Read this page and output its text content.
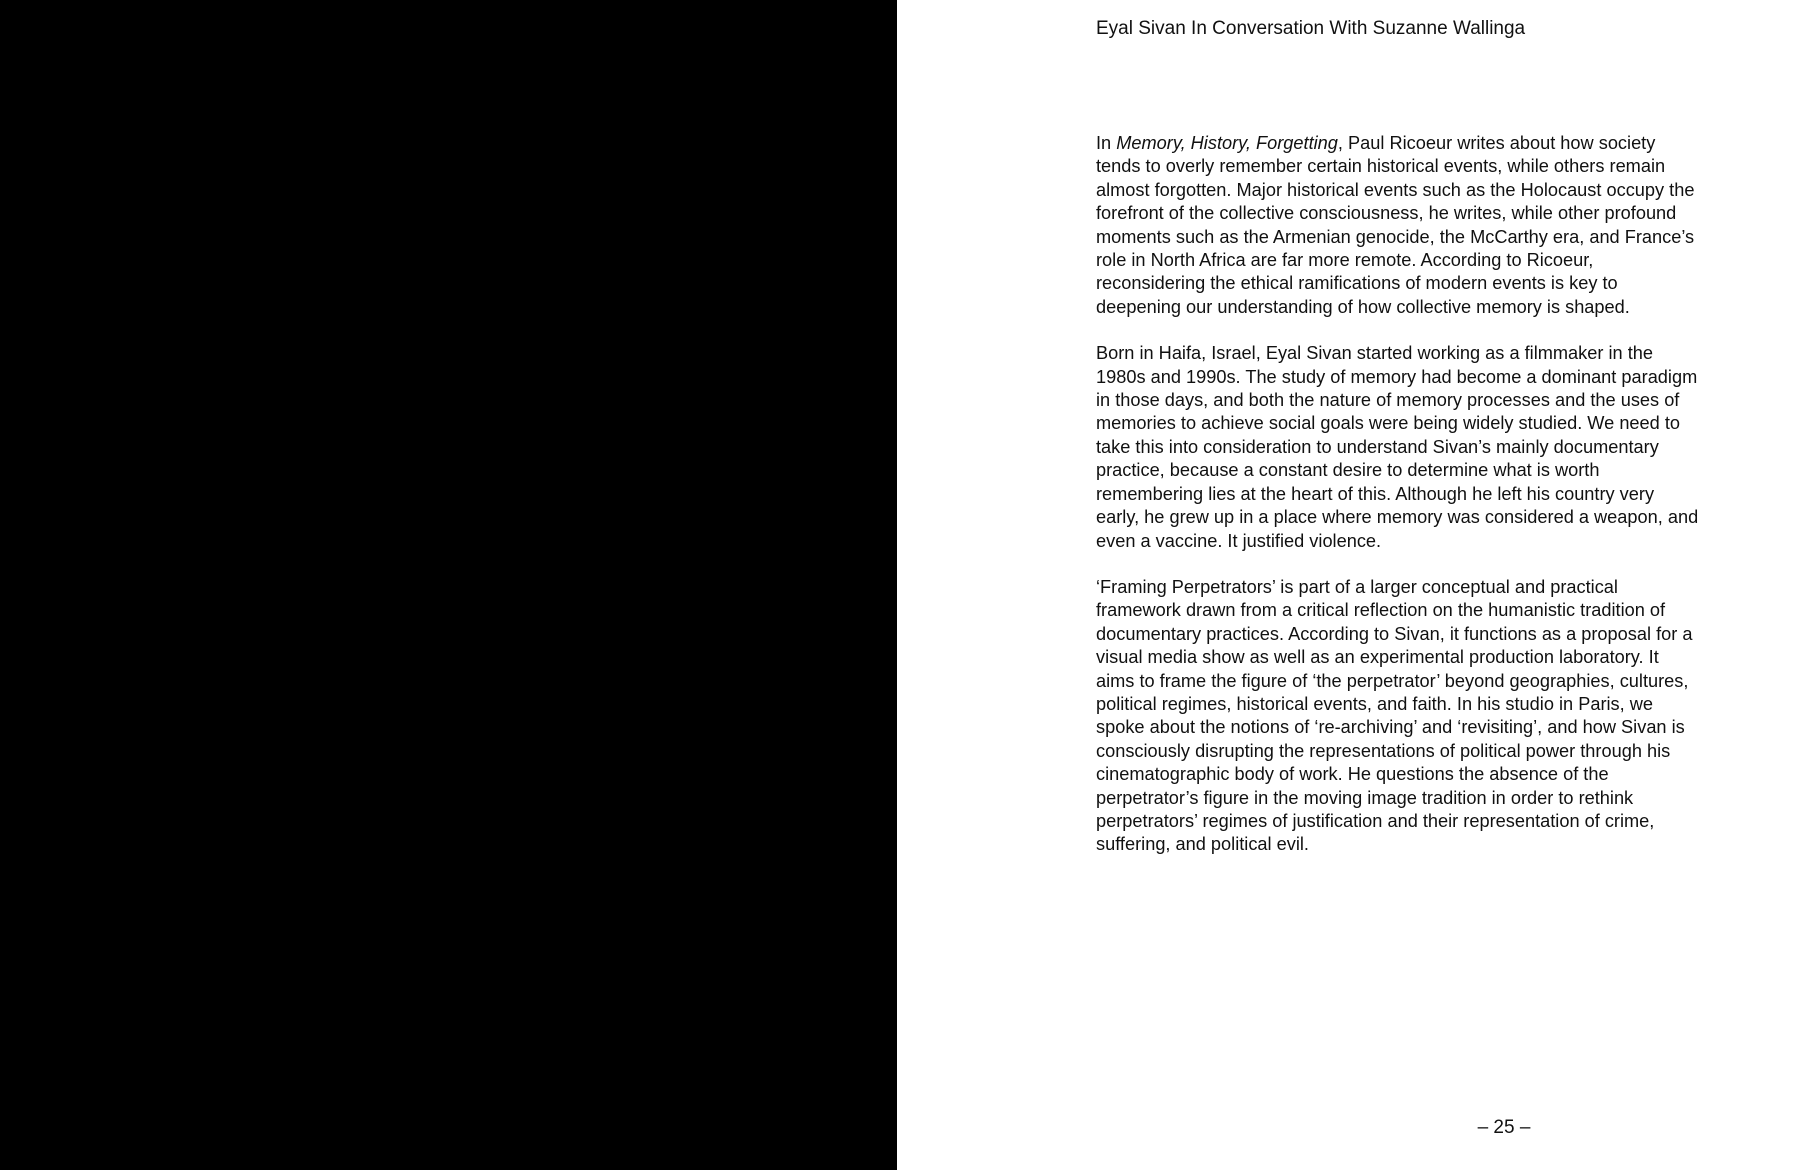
Eyal Sivan In Conversation With Suzanne Wallinga

In Memory, History, Forgetting, Paul Ricoeur writes about how society tends to overly remember certain historical events, while others remain almost forgotten. Major historical events such as the Holocaust occupy the forefront of the collective consciousness, he writes, while other profound moments such as the Armenian genocide, the McCarthy era, and France’s role in North Africa are far more remote. According to Ricoeur, reconsidering the ethical ramifications of modern events is key to deepening our understanding of how collective memory is shaped.

Born in Haifa, Israel, Eyal Sivan started working as a filmmaker in the 1980s and 1990s. The study of memory had become a dominant paradigm in those days, and both the nature of memory processes and the uses of memories to achieve social goals were being widely studied. We need to take this into consideration to understand Sivan’s mainly documentary practice, because a constant desire to determine what is worth remembering lies at the heart of this. Although he left his country very early, he grew up in a place where memory was considered a weapon, and even a vaccine. It justified violence.

‘Framing Perpetrators’ is part of a larger conceptual and practical framework drawn from a critical reflection on the humanistic tradition of documentary practices. According to Sivan, it functions as a proposal for a visual media show as well as an experimental production laboratory. It aims to frame the figure of ‘the perpetrator’ beyond geographies, cultures, political regimes, historical events, and faith. In his studio in Paris, we spoke about the notions of ‘re-archiving’ and ‘revisiting’, and how Sivan is consciously disrupting the representations of political power through his cinematographic body of work. He questions the absence of the perpetrator’s figure in the moving image tradition in order to rethink perpetrators’ regimes of justification and their representation of crime, suffering, and political evil.

– 25 –
